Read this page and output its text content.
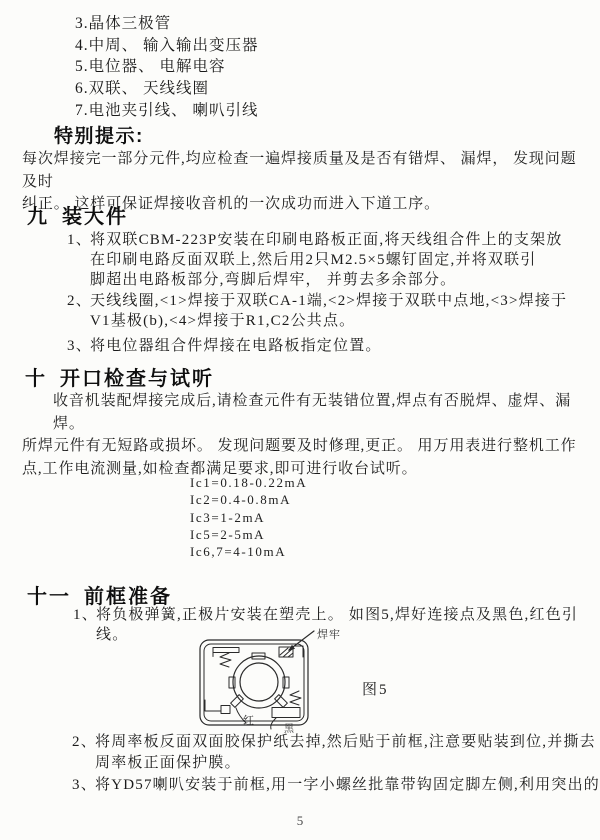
3.晶体三极管
4.中周、 输入输出变压器
5.电位器、 电解电容
6.双联、 天线线圈
7.电池夹引线、 喇叭引线
特别提示:
每次焊接完一部分元件,均应检查一遍焊接质量及是否有错焊、 漏焊， 发现问题及时
纠正。 这样可保证焊接收音机的一次成功而进入下道工序。
九 装大件
1、
将双联CBM-223P安装在印刷电路板正面,将天线组合件上的支架放
在印刷电路反面双联上,然后用2只M2.5×5螺钉固定,并将双联引
脚超出电路板部分,弯脚后焊牢， 并剪去多余部分。
2、
天线线圈,<1>焊接于双联CA-1端,<2>焊接于双联中点地,<3>焊接于
V1基极(b),<4>焊接于R1,C2公共点。
3、
将电位器组合件焊接在电路板指定位置。
十 开口检查与试听
收音机装配焊接完成后,请检查元件有无装错位置,焊点有否脱焊、虚焊、漏焊。
所焊元件有无短路或损坏。 发现问题要及时修理,更正。 用万用表进行整机工作
点,工作电流测量,如检查都满足要求,即可进行收台试听。
Ic1=0.18-0.22mA
Ic2=0.4-0.8mA
Ic3=1-2mA
Ic5=2-5mA
Ic6,7=4-10mA
十一 前框准备
1、
将负极弹簧,正极片安装在塑壳上。 如图5,焊好连接点及黑色,红色引线。	焊牢
红
黑
图5
2、
将周率板反面双面胶保护纸去掉,然后贴于前框,注意要贴装到位,并撕去
周率板正面保护膜。
3、
将YD57喇叭安装于前框,用一字小螺丝批靠带钩固定脚左侧,利用突出的
5
